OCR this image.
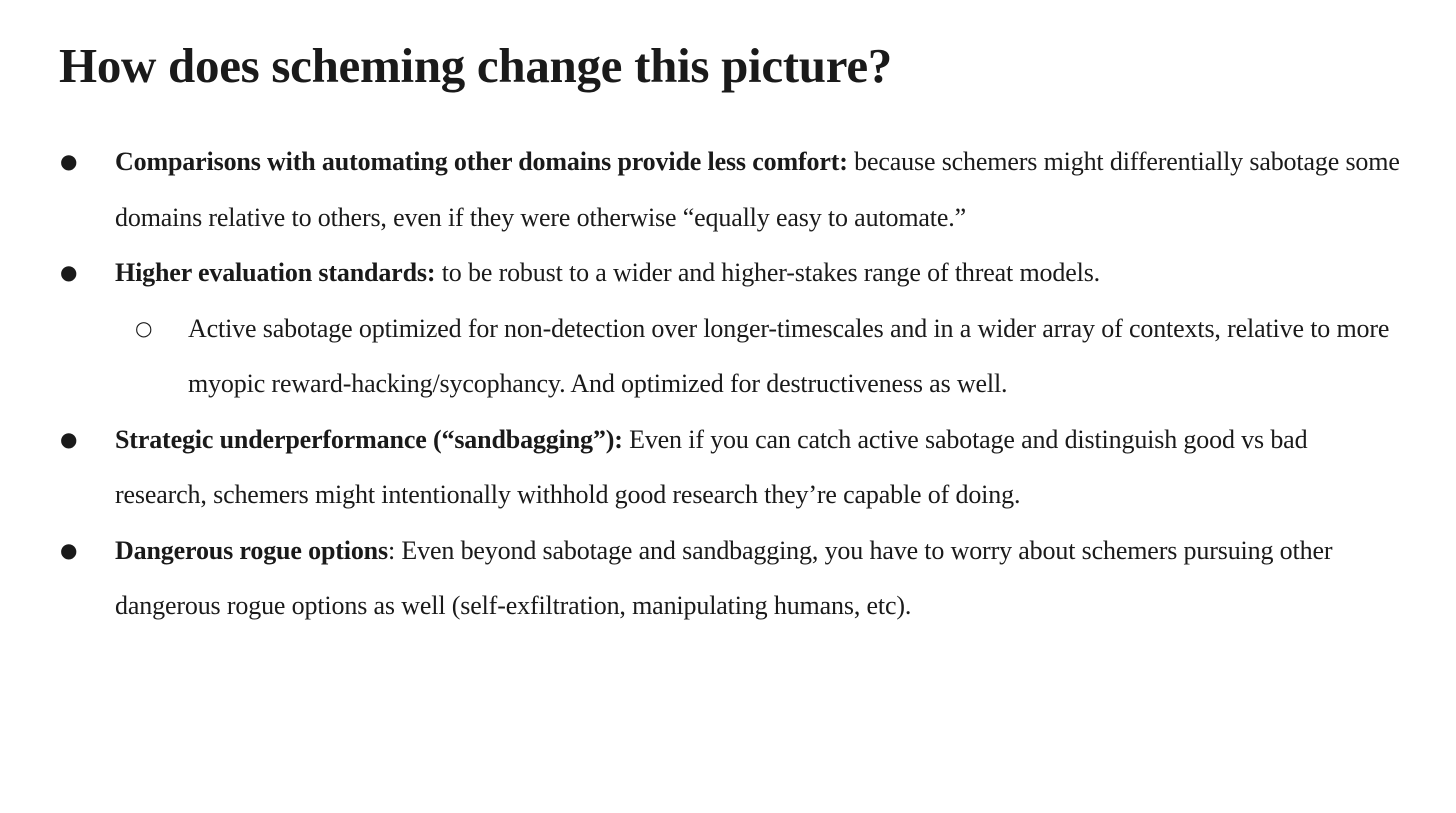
How does scheming change this picture?
● Comparisons with automating other domains provide less comfort: because schemers might differentially sabotage some domains relative to others, even if they were otherwise “equally easy to automate.”
● Higher evaluation standards: to be robust to a wider and higher-stakes range of threat models.
○ Active sabotage optimized for non-detection over longer-timescales and in a wider array of contexts, relative to more myopic reward-hacking/sycophancy. And optimized for destructiveness as well.
● Strategic underperformance (“sandbagging”): Even if you can catch active sabotage and distinguish good vs bad research, schemers might intentionally withhold good research they’re capable of doing.
● Dangerous rogue options: Even beyond sabotage and sandbagging, you have to worry about schemers pursuing other dangerous rogue options as well (self-exfiltration, manipulating humans, etc).
